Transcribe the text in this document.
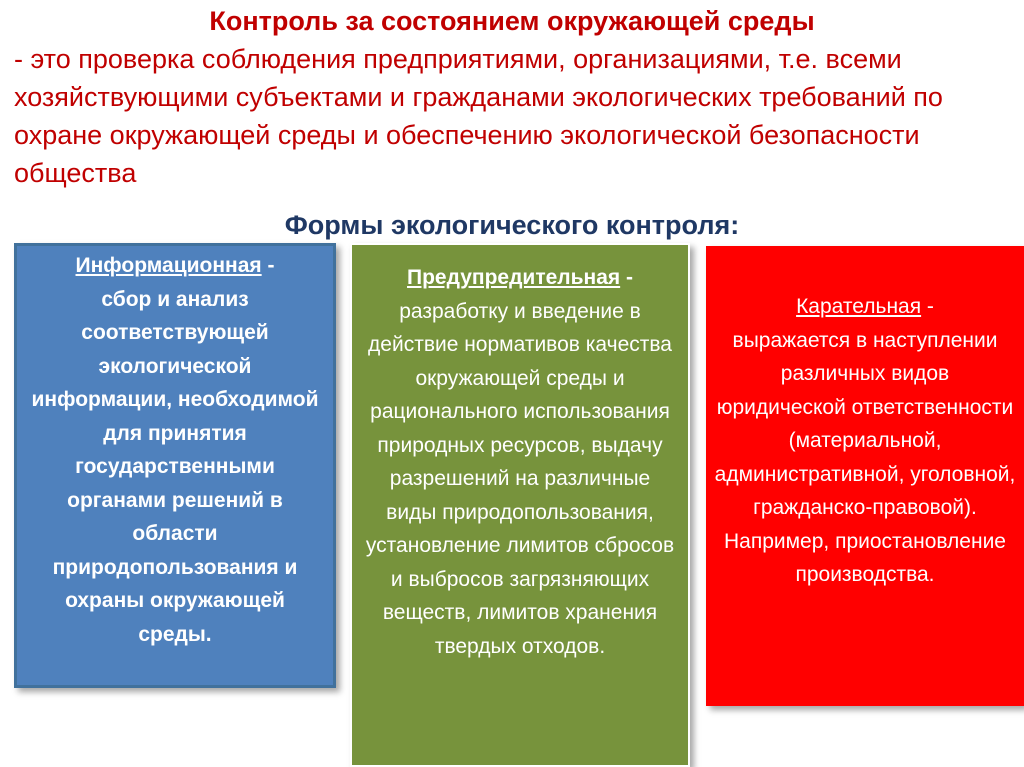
Контроль за состоянием окружающей среды

- это проверка соблюдения предприятиями, организациями, т.е. всеми хозяйствующими субъектами и гражданами экологических требований по охране окружающей среды и обеспечению экологической безопасности общества

Формы экологического контроля:
Информационная -
сбор и анализ соответствующей экологической информации, необходимой для принятия государственными органами решений в области природопользования и охраны окружающей среды.
Предупредительная -
разработку и введение в действие нормативов качества окружающей среды и рационального использования природных ресурсов, выдачу разрешений на различные виды природопользования, установление лимитов сбросов и выбросов загрязняющих веществ, лимитов хранения твердых отходов.
Карательная -
выражается в наступлении различных видов юридической ответственности (материальной, административной, уголовной, гражданско-правовой). Например, приостановление производства.
